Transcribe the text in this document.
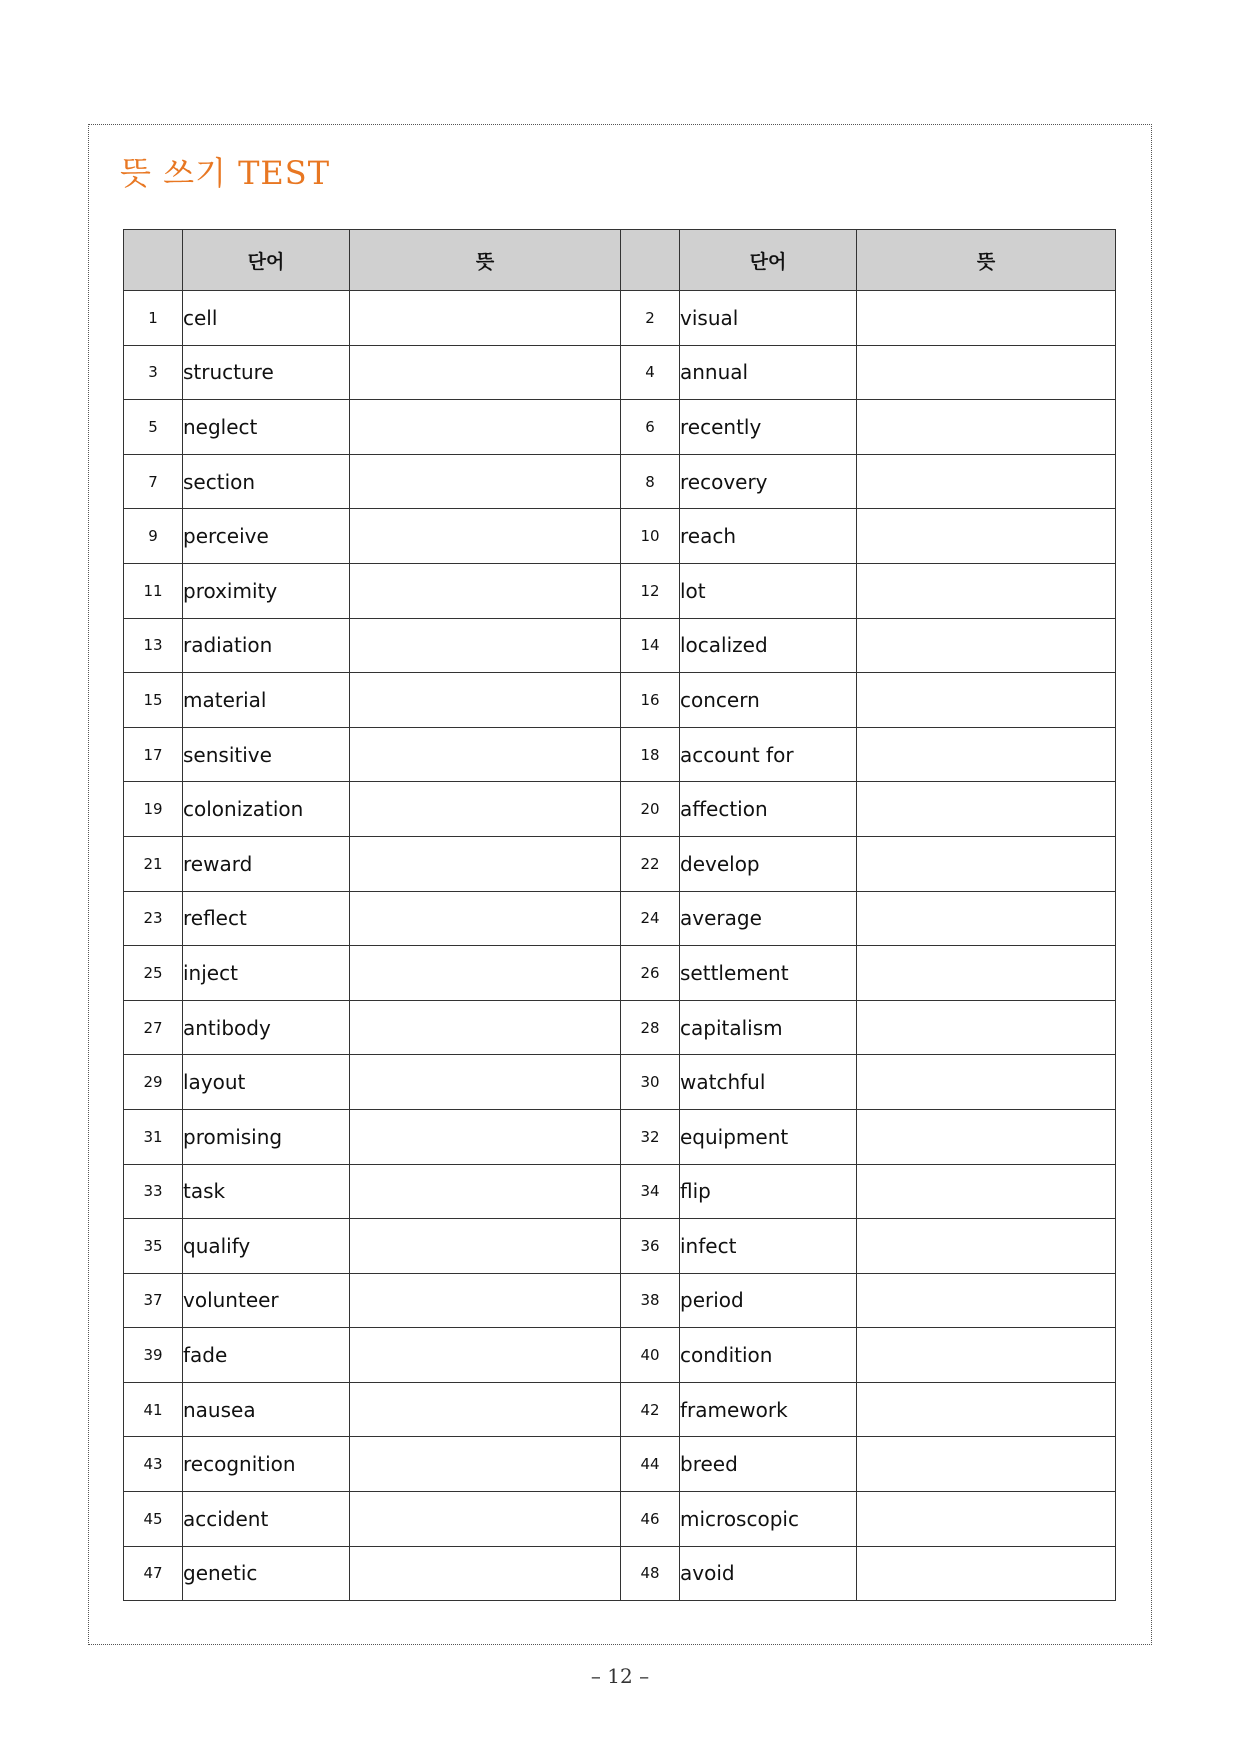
뜻 쓰기 TEST
	단어	뜻		단어	뜻
1	cell		2	visual	
3	structure		4	annual	
5	neglect		6	recently	
7	section		8	recovery	
9	perceive		10	reach	
11	proximity		12	lot	
13	radiation		14	localized	
15	material		16	concern	
17	sensitive		18	account for	
19	colonization		20	affection	
21	reward		22	develop	
23	reflect		24	average	
25	inject		26	settlement	
27	antibody		28	capitalism	
29	layout		30	watchful	
31	promising		32	equipment	
33	task		34	flip	
35	qualify		36	infect	
37	volunteer		38	period	
39	fade		40	condition	
41	nausea		42	framework	
43	recognition		44	breed	
45	accident		46	microscopic	
47	genetic		48	avoid	
– 12 –
